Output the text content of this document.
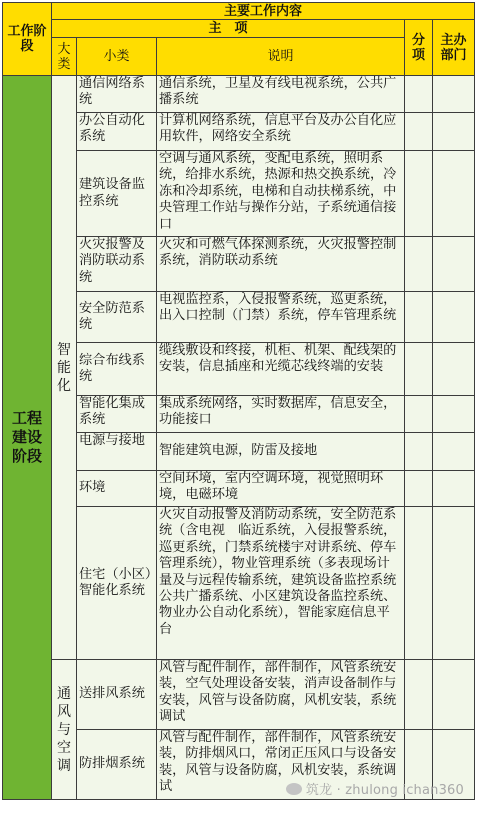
工作阶段	主要工作内容				
	主　项			分项	主办部门
	大类	小类	说明		
工程建设阶段	智能化	通信网络系统	通信系统，卫星及有线电视系统，公共广播系统		
		办公自动化系统	计算机网络系统，信息平台及办公自化应用软件，网络安全系统		
		建筑设备监控系统	空调与通风系统，变配电系统，照明系统，给排水系统，热源和热交换系统，冷冻和冷却系统，电梯和自动扶梯系统，中央管理工作站与操作分站，子系统通信接口		
		火灾报警及消防联动系统	火灾和可燃气体探测系统，火灾报警控制系统，消防联动系统		
		安全防范系统	电视监控系，入侵报警系统，巡更系统，出入口控制（门禁）系统，停车管理系统		
		综合布线系统	缆线敷设和终接，机柜、机架、配线架的安装，信息插座和光缆芯线终端的安装		
		智能化集成系统	集成系统网络，实时数据库，信息安全，功能接口		
		电源与接地	智能建筑电源，防雷及接地		
		环境	空间环境，室内空调环境，视觉照明环境，电磁环境		
		住宅（小区）智能化系统	火灾自动报警及消防动系统，安全防范系统（含电视　临近系统，入侵报警系统，巡更系统，门禁系统楼宇对讲系统、停车管理系统），物业管理系统（多表现场计量及与远程传输系统，建筑设备监控系统公共广播系统、小区建筑设备监控系统、物业办公自动化系统），智能家庭信息平台		
	通风与空调	送排风系统	风管与配件制作，部件制作，风管系统安装，空气处理设备安装，消声设备制作与安装，风管与设备防腐，风机安装，系统调试		
		防排烟系统	风管与配件制作，部件制作，风管系统安装，防排烟风口，常闭正压风口与设备安装，风管与设备防腐，风机安装，系统调试			筑龙 · zhulong ichan360
